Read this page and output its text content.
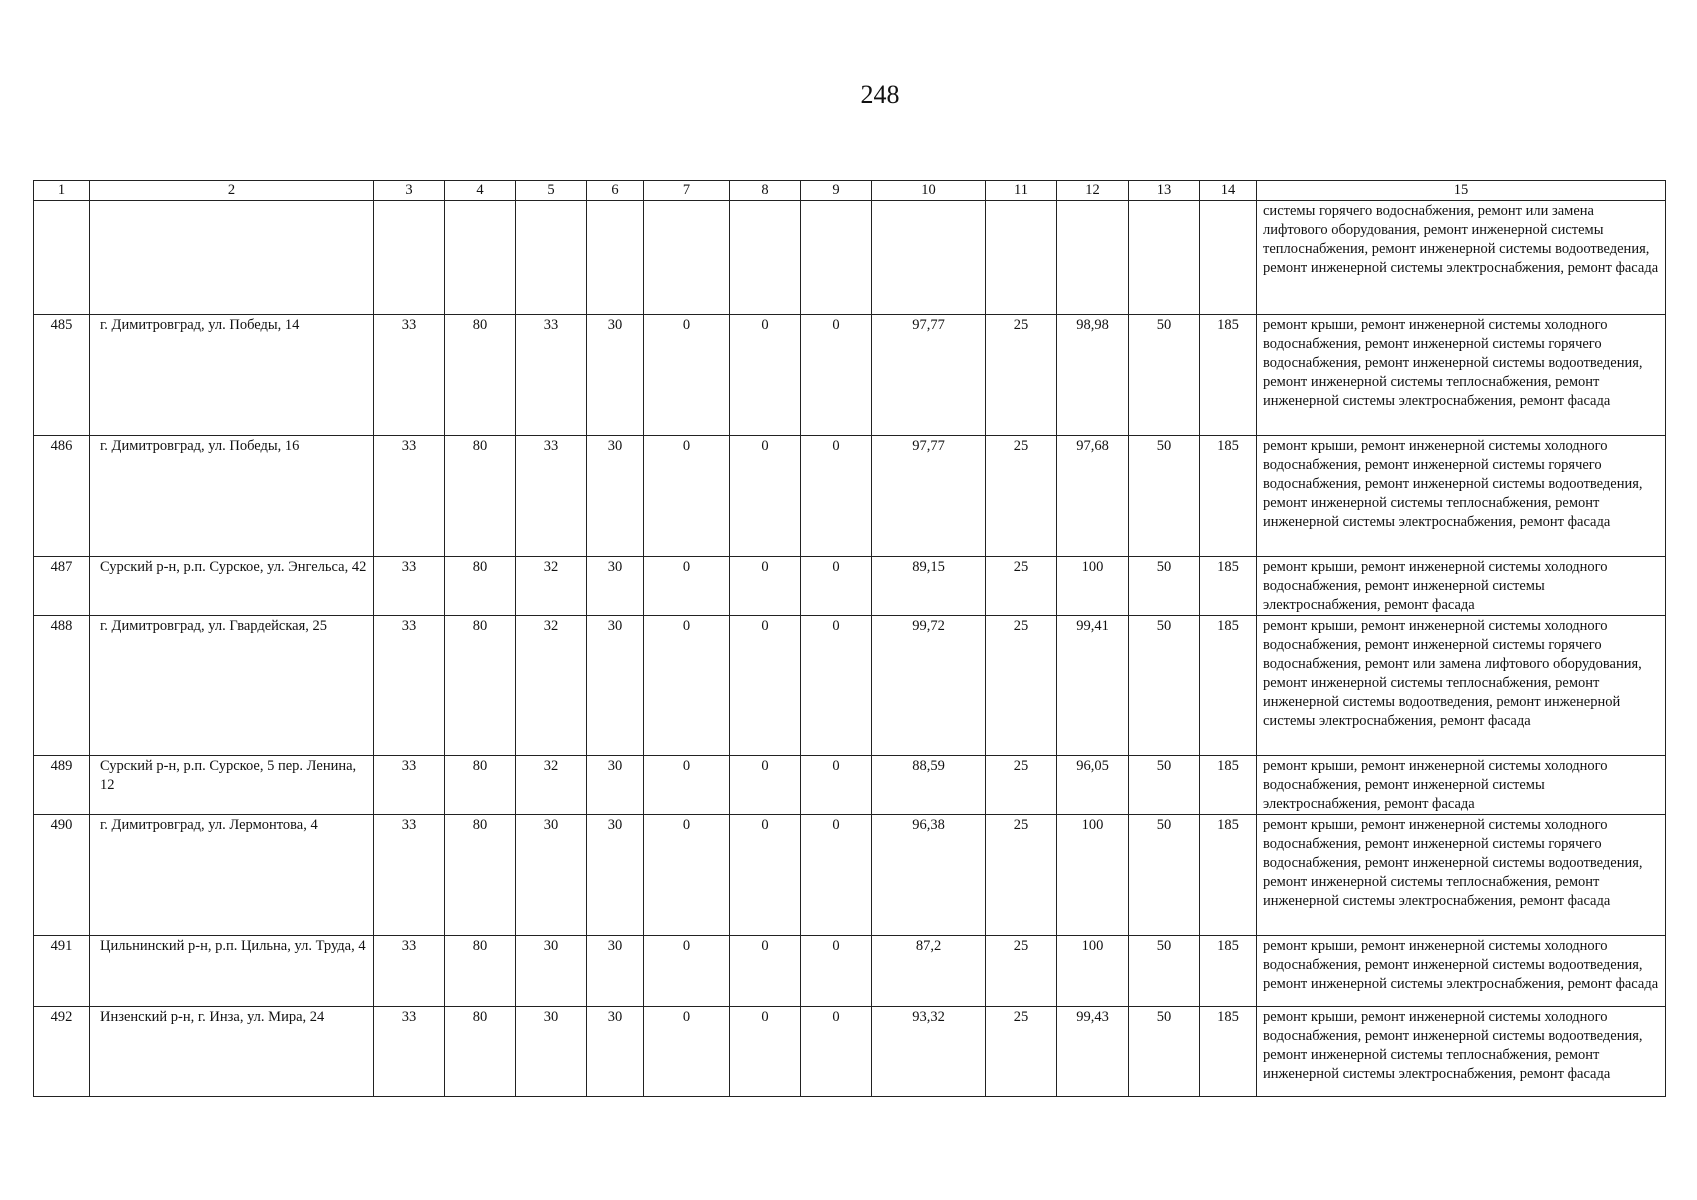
248
1	2	3	4	5	6	7	8	9	10	11	12	13	14	15
														системы горячего водоснабжения, ремонт или замена лифтового оборудования, ремонт инженерной системы теплоснабжения, ремонт инженерной системы водоотведения, ремонт инженерной системы электроснабжения, ремонт фасада
485	г. Димитровград, ул. Победы, 14	33	80	33	30	0	0	0	97,77	25	98,98	50	185	ремонт крыши, ремонт инженерной системы холодного водоснабжения, ремонт инженерной системы горячего водоснабжения, ремонт инженерной системы водоотведения, ремонт инженерной системы теплоснабжения, ремонт инженерной системы электроснабжения, ремонт фасада
486	г. Димитровград, ул. Победы, 16	33	80	33	30	0	0	0	97,77	25	97,68	50	185	ремонт крыши, ремонт инженерной системы холодного водоснабжения, ремонт инженерной системы горячего водоснабжения, ремонт инженерной системы водоотведения, ремонт инженерной системы теплоснабжения, ремонт инженерной системы электроснабжения, ремонт фасада
487	Сурский р-н, р.п. Сурское, ул. Энгельса, 42	33	80	32	30	0	0	0	89,15	25	100	50	185	ремонт крыши, ремонт инженерной системы холодного водоснабжения, ремонт инженерной системы электроснабжения, ремонт фасада
488	г. Димитровград, ул. Гвардейская, 25	33	80	32	30	0	0	0	99,72	25	99,41	50	185	ремонт крыши, ремонт инженерной системы холодного водоснабжения, ремонт инженерной системы горячего водоснабжения, ремонт или замена лифтового оборудования, ремонт инженерной системы теплоснабжения, ремонт инженерной системы водоотведения, ремонт инженерной системы электроснабжения, ремонт фасада
489	Сурский р-н, р.п. Сурское, 5 пер. Ленина, 12	33	80	32	30	0	0	0	88,59	25	96,05	50	185	ремонт крыши, ремонт инженерной системы холодного водоснабжения, ремонт инженерной системы электроснабжения, ремонт фасада
490	г. Димитровград, ул. Лермонтова, 4	33	80	30	30	0	0	0	96,38	25	100	50	185	ремонт крыши, ремонт инженерной системы холодного водоснабжения, ремонт инженерной системы горячего водоснабжения, ремонт инженерной системы водоотведения, ремонт инженерной системы теплоснабжения, ремонт инженерной системы электроснабжения, ремонт фасада
491	Цильнинский р-н, р.п. Цильна, ул. Труда, 4	33	80	30	30	0	0	0	87,2	25	100	50	185	ремонт крыши, ремонт инженерной системы холодного водоснабжения, ремонт инженерной системы водоотведения, ремонт инженерной системы электроснабжения, ремонт фасада
492	Инзенский р-н, г. Инза, ул. Мира, 24	33	80	30	30	0	0	0	93,32	25	99,43	50	185	ремонт крыши, ремонт инженерной системы холодного водоснабжения, ремонт инженерной системы водоотведения, ремонт инженерной системы теплоснабжения, ремонт инженерной системы электроснабжения, ремонт фасада
